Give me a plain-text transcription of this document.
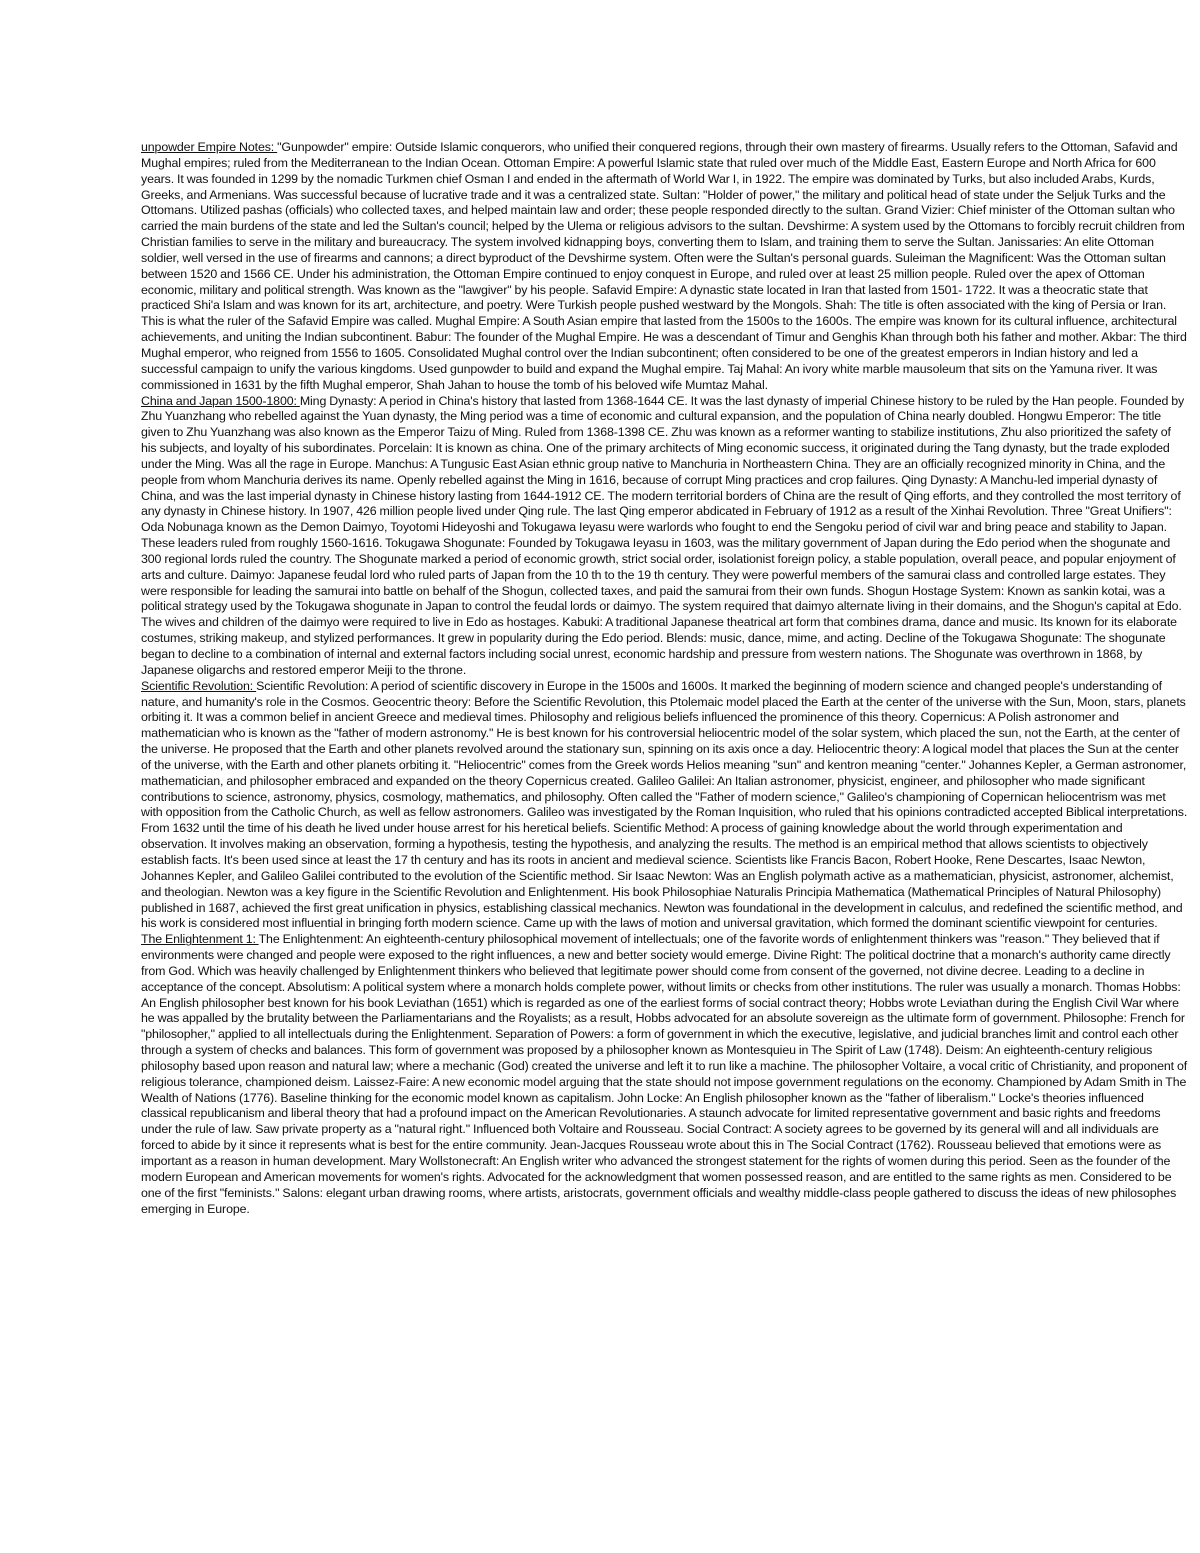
unpowder Empire Notes: "Gunpowder" empire: Outside Islamic conquerors, who unified their conquered regions, through their own mastery of firearms. Usually refers to the Ottoman, Safavid and Mughal empires; ruled from the Mediterranean to the Indian Ocean. Ottoman Empire: A powerful Islamic state that ruled over much of the Middle East, Eastern Europe and North Africa for 600 years. It was founded in 1299 by the nomadic Turkmen chief Osman I and ended in the aftermath of World War I, in 1922. The empire was dominated by Turks, but also included Arabs, Kurds, Greeks, and Armenians. Was successful because of lucrative trade and it was a centralized state. Sultan: "Holder of power," the military and political head of state under the Seljuk Turks and the Ottomans. Utilized pashas (officials) who collected taxes, and helped maintain law and order; these people responded directly to the sultan. Grand Vizier: Chief minister of the Ottoman sultan who carried the main burdens of the state and led the Sultan's council; helped by the Ulema or religious advisors to the sultan. Devshirme: A system used by the Ottomans to forcibly recruit children from Christian families to serve in the military and bureaucracy. The system involved kidnapping boys, converting them to Islam, and training them to serve the Sultan. Janissaries: An elite Ottoman soldier, well versed in the use of firearms and cannons; a direct byproduct of the Devshirme system. Often were the Sultan's personal guards. Suleiman the Magnificent: Was the Ottoman sultan between 1520 and 1566 CE. Under his administration, the Ottoman Empire continued to enjoy conquest in Europe, and ruled over at least 25 million people. Ruled over the apex of Ottoman economic, military and political strength. Was known as the "lawgiver" by his people. Safavid Empire: A dynastic state located in Iran that lasted from 1501- 1722. It was a theocratic state that practiced Shi'a Islam and was known for its art, architecture, and poetry. Were Turkish people pushed westward by the Mongols. Shah: The title is often associated with the king of Persia or Iran. This is what the ruler of the Safavid Empire was called. Mughal Empire: A South Asian empire that lasted from the 1500s to the 1600s. The empire was known for its cultural influence, architectural achievements, and uniting the Indian subcontinent. Babur: The founder of the Mughal Empire. He was a descendant of Timur and Genghis Khan through both his father and mother. Akbar: The third Mughal emperor, who reigned from 1556 to 1605. Consolidated Mughal control over the Indian subcontinent; often considered to be one of the greatest emperors in Indian history and led a successful campaign to unify the various kingdoms. Used gunpowder to build and expand the Mughal empire. Taj Mahal: An ivory white marble mausoleum that sits on the Yamuna river. It was commissioned in 1631 by the fifth Mughal emperor, Shah Jahan to house the tomb of his beloved wife Mumtaz Mahal.

China and Japan 1500-1800: Ming Dynasty: A period in China's history that lasted from 1368-1644 CE. It was the last dynasty of imperial Chinese history to be ruled by the Han people. Founded by Zhu Yuanzhang who rebelled against the Yuan dynasty, the Ming period was a time of economic and cultural expansion, and the population of China nearly doubled. Hongwu Emperor: The title given to Zhu Yuanzhang was also known as the Emperor Taizu of Ming. Ruled from 1368-1398 CE. Zhu was known as a reformer wanting to stabilize institutions, Zhu also prioritized the safety of his subjects, and loyalty of his subordinates. Porcelain: It is known as china. One of the primary architects of Ming economic success, it originated during the Tang dynasty, but the trade exploded under the Ming. Was all the rage in Europe. Manchus: A Tungusic East Asian ethnic group native to Manchuria in Northeastern China. They are an officially recognized minority in China, and the people from whom Manchuria derives its name. Openly rebelled against the Ming in 1616, because of corrupt Ming practices and crop failures. Qing Dynasty: A Manchu-led imperial dynasty of China, and was the last imperial dynasty in Chinese history lasting from 1644-1912 CE. The modern territorial borders of China are the result of Qing efforts, and they controlled the most territory of any dynasty in Chinese history. In 1907, 426 million people lived under Qing rule. The last Qing emperor abdicated in February of 1912 as a result of the Xinhai Revolution. Three "Great Unifiers": Oda Nobunaga known as the Demon Daimyo, Toyotomi Hideyoshi and Tokugawa Ieyasu were warlords who fought to end the Sengoku period of civil war and bring peace and stability to Japan. These leaders ruled from roughly 1560-1616. Tokugawa Shogunate: Founded by Tokugawa Ieyasu in 1603, was the military government of Japan during the Edo period when the shogunate and 300 regional lords ruled the country. The Shogunate marked a period of economic growth, strict social order, isolationist foreign policy, a stable population, overall peace, and popular enjoyment of arts and culture. Daimyo: Japanese feudal lord who ruled parts of Japan from the 10 th to the 19 th century. They were powerful members of the samurai class and controlled large estates. They were responsible for leading the samurai into battle on behalf of the Shogun, collected taxes, and paid the samurai from their own funds. Shogun Hostage System: Known as sankin kotai, was a political strategy used by the Tokugawa shogunate in Japan to control the feudal lords or daimyo. The system required that daimyo alternate living in their domains, and the Shogun's capital at Edo. The wives and children of the daimyo were required to live in Edo as hostages. Kabuki: A traditional Japanese theatrical art form that combines drama, dance and music. Its known for its elaborate costumes, striking makeup, and stylized performances. It grew in popularity during the Edo period. Blends: music, dance, mime, and acting. Decline of the Tokugawa Shogunate: The shogunate began to decline to a combination of internal and external factors including social unrest, economic hardship and pressure from western nations. The Shogunate was overthrown in 1868, by Japanese oligarchs and restored emperor Meiji to the throne.

Scientific Revolution: Scientific Revolution: A period of scientific discovery in Europe in the 1500s and 1600s. It marked the beginning of modern science and changed people's understanding of nature, and humanity's role in the Cosmos. Geocentric theory: Before the Scientific Revolution, this Ptolemaic model placed the Earth at the center of the universe with the Sun, Moon, stars, planets orbiting it. It was a common belief in ancient Greece and medieval times. Philosophy and religious beliefs influenced the prominence of this theory. Copernicus: A Polish astronomer and mathematician who is known as the "father of modern astronomy." He is best known for his controversial heliocentric model of the solar system, which placed the sun, not the Earth, at the center of the universe. He proposed that the Earth and other planets revolved around the stationary sun, spinning on its axis once a day. Heliocentric theory: A logical model that places the Sun at the center of the universe, with the Earth and other planets orbiting it. "Heliocentric" comes from the Greek words Helios meaning "sun" and kentron meaning "center." Johannes Kepler, a German astronomer, mathematician, and philosopher embraced and expanded on the theory Copernicus created. Galileo Galilei: An Italian astronomer, physicist, engineer, and philosopher who made significant contributions to science, astronomy, physics, cosmology, mathematics, and philosophy. Often called the "Father of modern science," Galileo's championing of Copernican heliocentrism was met with opposition from the Catholic Church, as well as fellow astronomers. Galileo was investigated by the Roman Inquisition, who ruled that his opinions contradicted accepted Biblical interpretations. From 1632 until the time of his death he lived under house arrest for his heretical beliefs. Scientific Method: A process of gaining knowledge about the world through experimentation and observation. It involves making an observation, forming a hypothesis, testing the hypothesis, and analyzing the results. The method is an empirical method that allows scientists to objectively establish facts. It's been used since at least the 17 th century and has its roots in ancient and medieval science. Scientists like Francis Bacon, Robert Hooke, Rene Descartes, Isaac Newton, Johannes Kepler, and Galileo Galilei contributed to the evolution of the Scientific method. Sir Isaac Newton: Was an English polymath active as a mathematician, physicist, astronomer, alchemist, and theologian. Newton was a key figure in the Scientific Revolution and Enlightenment. His book Philosophiae Naturalis Principia Mathematica (Mathematical Principles of Natural Philosophy) published in 1687, achieved the first great unification in physics, establishing classical mechanics. Newton was foundational in the development in calculus, and redefined the scientific method, and his work is considered most influential in bringing forth modern science. Came up with the laws of motion and universal gravitation, which formed the dominant scientific viewpoint for centuries.

The Enlightenment 1: The Enlightenment: An eighteenth-century philosophical movement of intellectuals; one of the favorite words of enlightenment thinkers was "reason." They believed that if environments were changed and people were exposed to the right influences, a new and better society would emerge. Divine Right: The political doctrine that a monarch's authority came directly from God. Which was heavily challenged by Enlightenment thinkers who believed that legitimate power should come from consent of the governed, not divine decree. Leading to a decline in acceptance of the concept. Absolutism: A political system where a monarch holds complete power, without limits or checks from other institutions. The ruler was usually a monarch. Thomas Hobbs: An English philosopher best known for his book Leviathan (1651) which is regarded as one of the earliest forms of social contract theory; Hobbs wrote Leviathan during the English Civil War where he was appalled by the brutality between the Parliamentarians and the Royalists; as a result, Hobbs advocated for an absolute sovereign as the ultimate form of government. Philosophe: French for "philosopher," applied to all intellectuals during the Enlightenment. Separation of Powers: a form of government in which the executive, legislative, and judicial branches limit and control each other through a system of checks and balances. This form of government was proposed by a philosopher known as Montesquieu in The Spirit of Law (1748). Deism: An eighteenth-century religious philosophy based upon reason and natural law; where a mechanic (God) created the universe and left it to run like a machine. The philosopher Voltaire, a vocal critic of Christianity, and proponent of religious tolerance, championed deism. Laissez-Faire: A new economic model arguing that the state should not impose government regulations on the economy. Championed by Adam Smith in The Wealth of Nations (1776). Baseline thinking for the economic model known as capitalism. John Locke: An English philosopher known as the "father of liberalism." Locke's theories influenced classical republicanism and liberal theory that had a profound impact on the American Revolutionaries. A staunch advocate for limited representative government and basic rights and freedoms under the rule of law. Saw private property as a "natural right." Influenced both Voltaire and Rousseau. Social Contract: A society agrees to be governed by its general will and all individuals are forced to abide by it since it represents what is best for the entire community. Jean-Jacques Rousseau wrote about this in The Social Contract (1762). Rousseau believed that emotions were as important as a reason in human development. Mary Wollstonecraft: An English writer who advanced the strongest statement for the rights of women during this period. Seen as the founder of the modern European and American movements for women's rights. Advocated for the acknowledgment that women possessed reason, and are entitled to the same rights as men. Considered to be one of the first "feminists." Salons: elegant urban drawing rooms, where artists, aristocrats, government officials and wealthy middle-class people gathered to discuss the ideas of new philosophes emerging in Europe.
